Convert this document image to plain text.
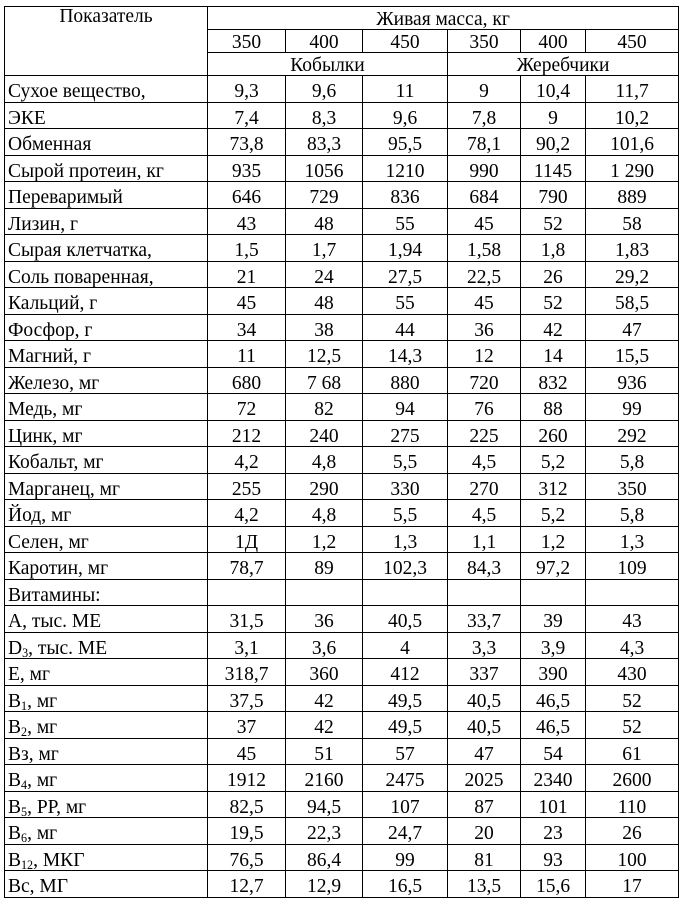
Показатель	Живая масса, кг					
	350	400	450	350	400	450
	Кобылки			Жеребчики		
Сухое вещество,	9,3	9,6	11	9	10,4	11,7
ЭКЕ	7,4	8,3	9,6	7,8	9	10,2
Обменная	73,8	83,3	95,5	78,1	90,2	101,6
Сырой протеин, кг	935	1056	1210	990	1145	1 290
Переваримый	646	729	836	684	790	889
Лизин, г	43	48	55	45	52	58
Сырая клетчатка,	1,5	1,7	1,94	1,58	1,8	1,83
Соль поваренная,	21	24	27,5	22,5	26	29,2
Кальций, г	45	48	55	45	52	58,5
Фосфор, г	34	38	44	36	42	47
Магний, г	11	12,5	14,3	12	14	15,5
Железо, мг	680	7 68	880	720	832	936
Медь, мг	72	82	94	76	88	99
Цинк, мг	212	240	275	225	260	292
Кобальт, мг	4,2	4,8	5,5	4,5	5,2	5,8
Марганец, мг	255	290	330	270	312	350
Йод, мг	4,2	4,8	5,5	4,5	5,2	5,8
Селен, мг	1Д	1,2	1,3	1,1	1,2	1,3
Каротин, мг	78,7	89	102,3	84,3	97,2	109
Витамины:						
А, тыс. МЕ	31,5	36	40,5	33,7	39	43
$D_3$, тыс. МЕ	3,1	3,6	4	3,3	3,9	4,3
Е, мг	318,7	360	412	337	390	430
$В_1$, мг	37,5	42	49,5	40,5	46,5	52
$В_2$, мг	37	42	49,5	40,5	46,5	52
Вз, мг	45	51	57	47	54	61
$В_4$, мг	1912	2160	2475	2025	2340	2600
$В_5$, РР, мг	82,5	94,5	107	87	101	110
$В_6$, мг	19,5	22,3	24,7	20	23	26
$В_{12}$, МКГ	76,5	86,4	99	81	93	100
Вс, МГ	12,7	12,9	16,5	13,5	15,6	17
